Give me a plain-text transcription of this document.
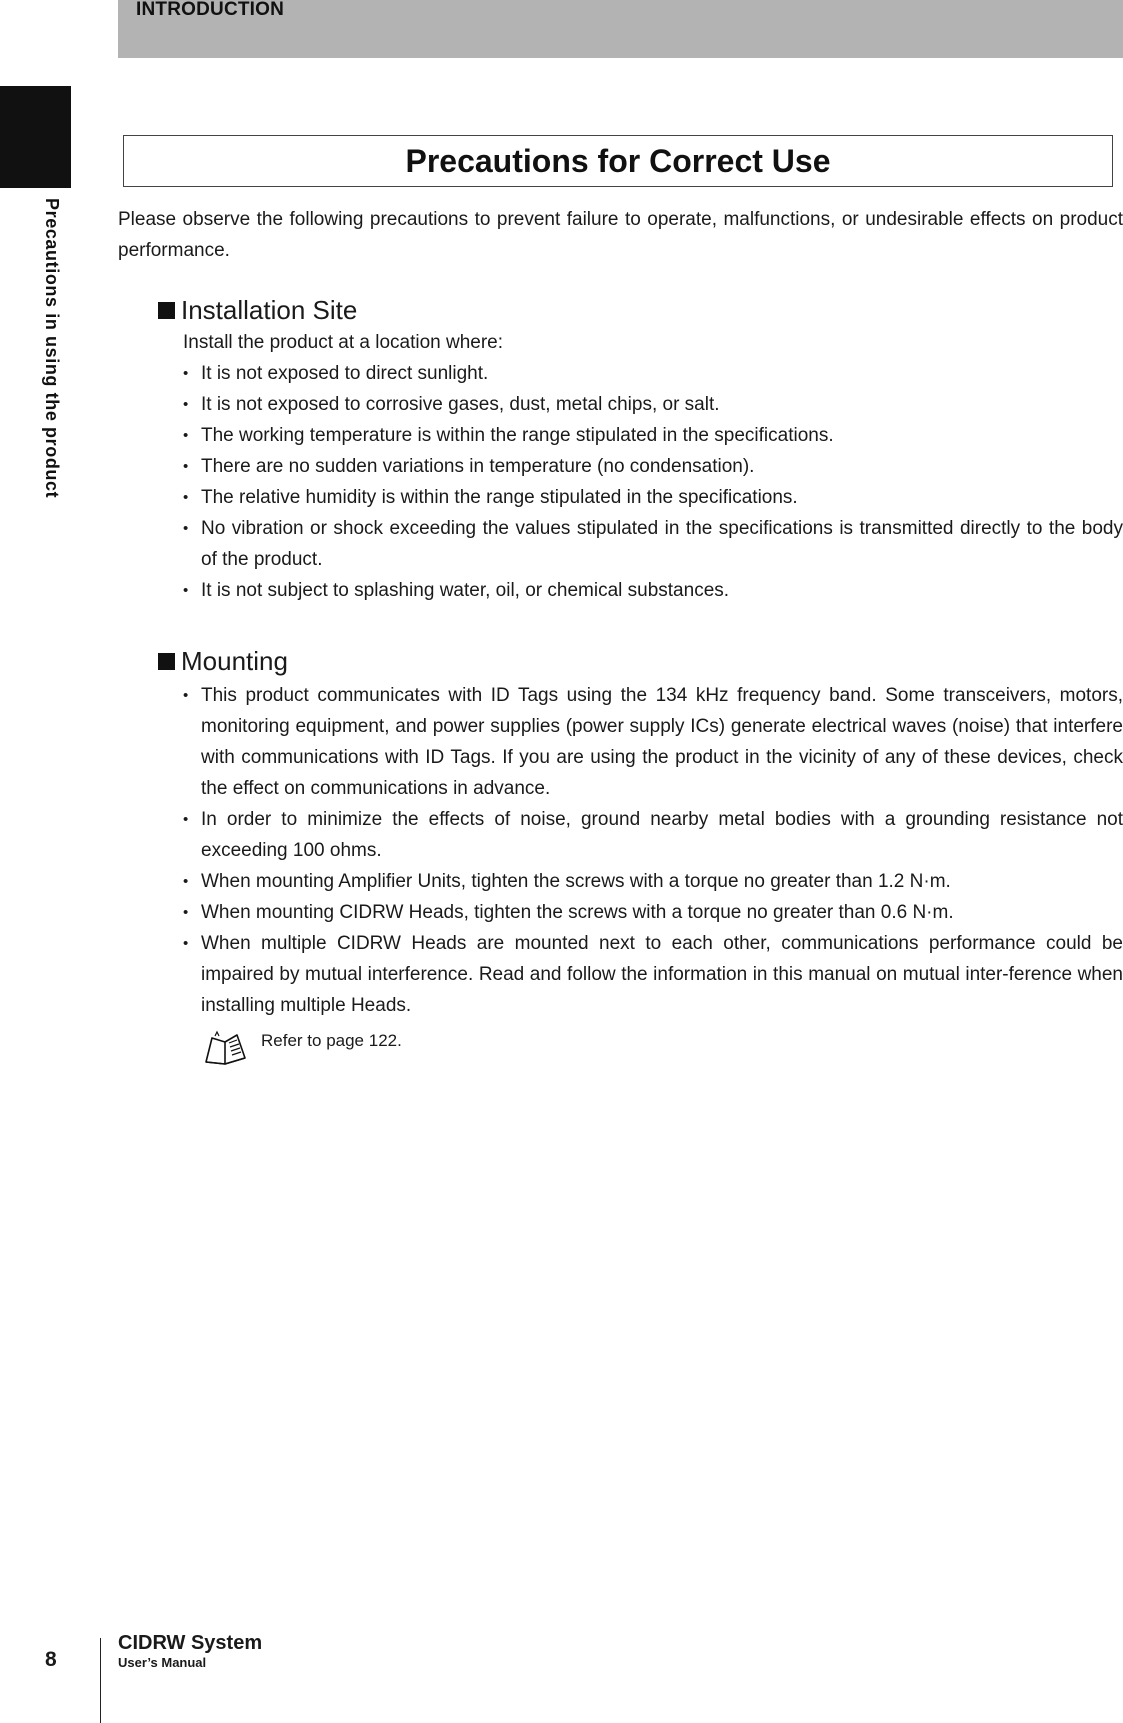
INTRODUCTION
INTRODUCTION
Precautions in using the product
Precautions for Correct Use
Please observe the following precautions to prevent failure to operate, malfunctions, or undesirable effects on product performance.
Installation Site
Install the product at a location where:
• It is not exposed to direct sunlight.
• It is not exposed to corrosive gases, dust, metal chips, or salt.
• The working temperature is within the range stipulated in the specifications.
• There are no sudden variations in temperature (no condensation).
• The relative humidity is within the range stipulated in the specifications.
• No vibration or shock exceeding the values stipulated in the specifications is transmitted directly to the body of the product.
• It is not subject to splashing water, oil, or chemical substances.
Mounting
• This product communicates with ID Tags using the 134 kHz frequency band. Some transceivers, motors, monitoring equipment, and power supplies (power supply ICs) generate electrical waves (noise) that interfere with communications with ID Tags. If you are using the product in the vicinity of any of these devices, check the effect on communications in advance.
• In order to minimize the effects of noise, ground nearby metal bodies with a grounding resistance not exceeding 100 ohms.
• When mounting Amplifier Units, tighten the screws with a torque no greater than 1.2 N·m.
• When mounting CIDRW Heads, tighten the screws with a torque no greater than 0.6 N·m.
• When multiple CIDRW Heads are mounted next to each other, communications performance could be impaired by mutual interference. Read and follow the information in this manual on mutual inter-ference when installing multiple Heads.
Refer to page 122.
8
CIDRW System
User’s Manual
